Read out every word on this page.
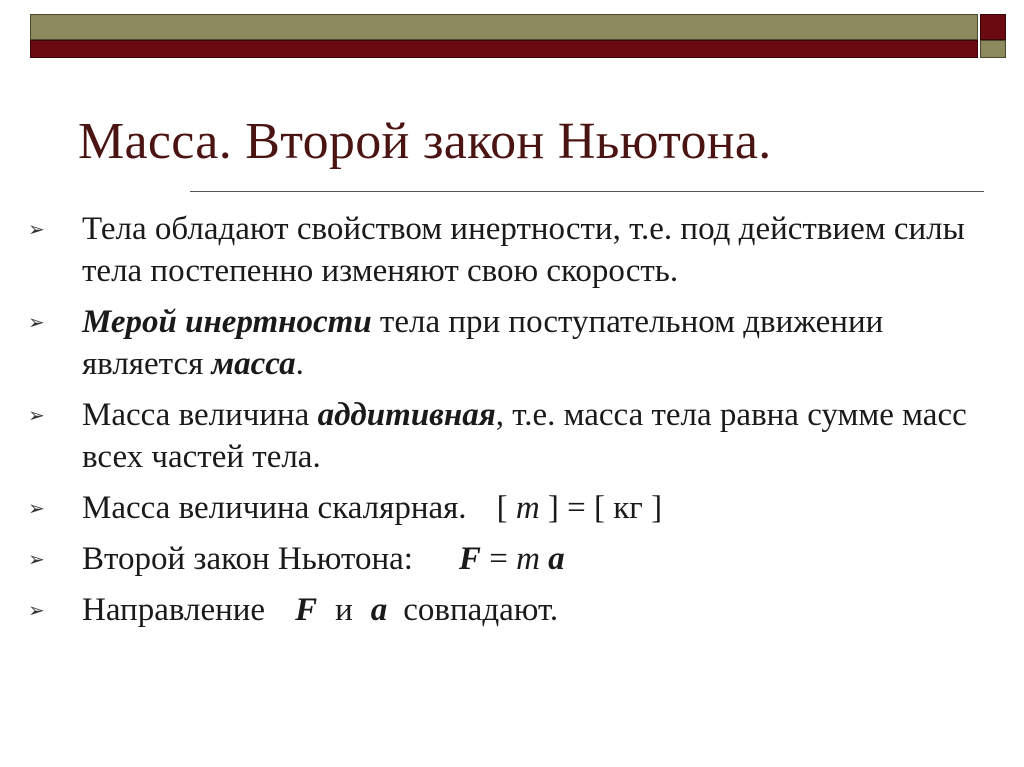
Масса. Второй закон Ньютона.
➢ Тела обладают свойством инертности, т.е. под действием силы тела постепенно изменяют свою скорость.
➢ Мерой инертности тела при поступательном движении является масса.
➢ Масса величина аддитивная, т.е. масса тела равна сумме масс всех частей тела.
➢ Масса величина скалярная. [ m ] = [ кг ]
➢ Второй закон Ньютона: F = m a
➢ Направление F и a совпадают.
